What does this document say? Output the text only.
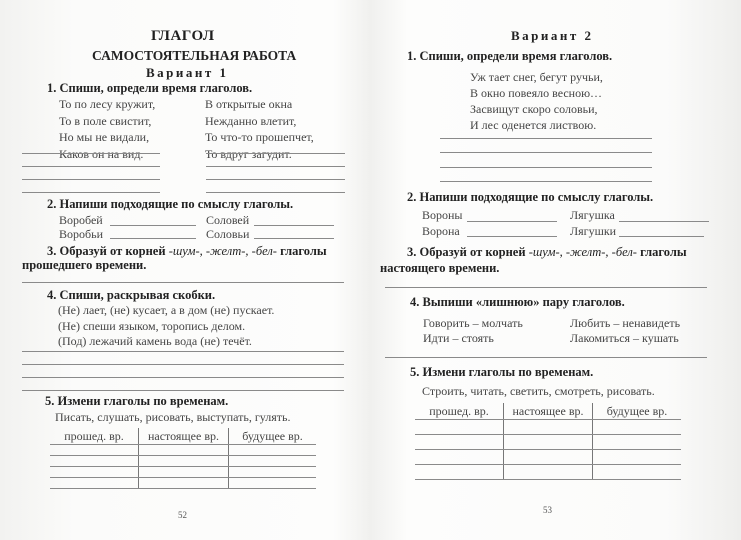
ГЛАГОЛ
САМОСТОЯТЕЛЬНАЯ РАБОТА
Вариант 1
1. Спиши, определи время глаголов.
То по лесу кружит,
То в поле свистит,
Но мы не видали,
Каков он на вид.
В открытые окна
Нежданно влетит,
То что-то прошепчет,
То вдруг загудит.
2. Напиши подходящие по смыслу глаголы.
Воробей	Соловей
Воробьи	Соловьи
3. Образуй от корней -шум-, -желт-, -бел- глаголы
прошедшего времени.
4. Спиши, раскрывая скобки.
(Не) лает, (не) кусает, а в дом (не) пускает.
(Не) спеши языком, торопись делом.
(Под) лежачий камень вода (не) течёт.
5. Измени глаголы по временам.
Писать, слушать, рисовать, выступать, гулять.
прошед. вр.	настоящее вр.	будущее вр.

52
Вариант 2
1. Спиши, определи время глаголов.
Уж тает снег, бегут ручьи,
В окно повеяло весною…
Засвищут скоро соловьи,
И лес оденется листвою.
2. Напиши подходящие по смыслу глаголы.
Вороны	Лягушка
Ворона	Лягушки
3. Образуй от корней -шум-, -желт-, -бел- глаголы
настоящего времени.
4. Выпиши «лишнюю» пару глаголов.
Говорить – молчать	Любить – ненавидеть
Идти – стоять	Лакомиться – кушать
5. Измени глаголы по временам.
Строить, читать, светить, смотреть, рисовать.
прошед. вр.	настоящее вр.	будущее вр.

53
